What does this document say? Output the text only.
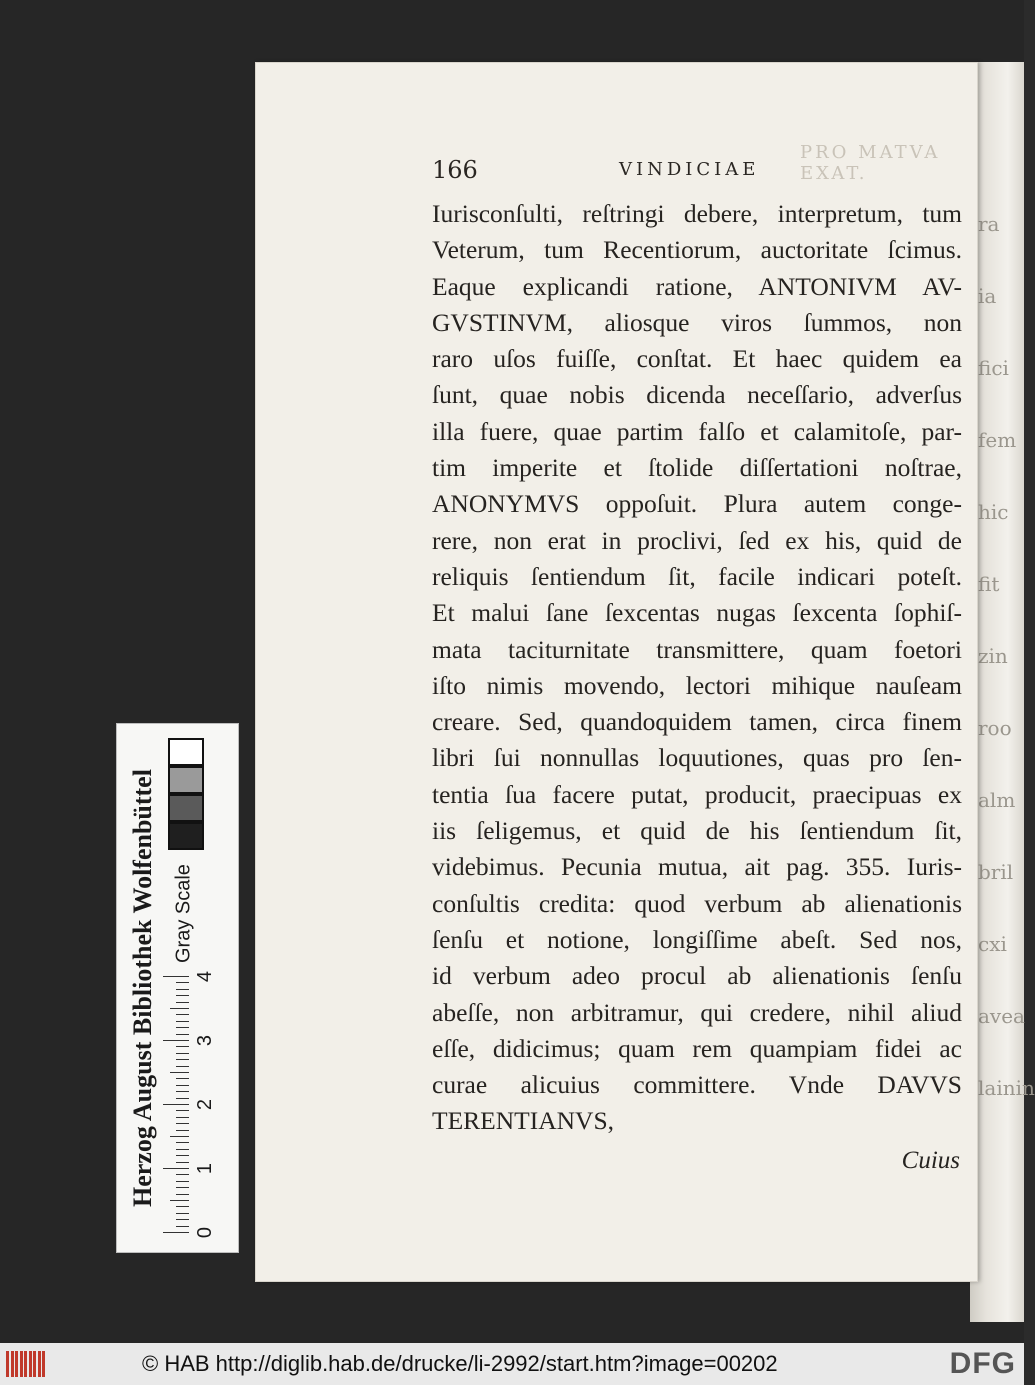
ra
ia
fici
fem
hic
fit
zin
roo
alm
bril
cxi
avea
lainin
PRO MATVA EXAT.
166	VINDICIAE
Iurisconſulti, reſtringi debere, interpretum, tum
Veterum, tum Recentiorum, auctoritate ſcimus.
Eaque explicandi ratione, ANTONIVM AV-
GVSTINVM, aliosque viros ſummos, non
raro uſos fuiſſe, conſtat. Et haec quidem ea
ſunt, quae nobis dicenda neceſſario, adverſus
illa fuere, quae partim falſo et calamitoſe, par-
tim imperite et ſtolide diſſertationi noſtrae,
ANONYMVS oppoſuit. Plura autem conge-
rere, non erat in proclivi, ſed ex his, quid de
reliquis ſentiendum ſit, facile indicari poteſt.
Et malui ſane ſexcentas nugas ſexcenta ſophiſ-
mata taciturnitate transmittere, quam foetori
iſto nimis movendo, lectori mihique nauſeam
creare. Sed, quandoquidem tamen, circa finem
libri ſui nonnullas loquutiones, quas pro ſen-
tentia ſua facere putat, producit, praecipuas ex
iis ſeligemus, et quid de his ſentiendum ſit,
videbimus. Pecunia mutua, ait pag. 355. Iuris-
conſultis credita: quod verbum ab alienationis
ſenſu et notione, longiſſime abeſt. Sed nos,
id verbum adeo procul ab alienationis ſenſu
abeſſe, non arbitramur, qui credere, nihil aliud
eſſe, didicimus; quam rem quampiam fidei ac
curae alicuius committere. Vnde DAVVS
TERENTIANVS,
Cuius
Herzog August Bibliothek Wolfenbüttel Gray Scale
0
1
2
3
4
© HAB http://diglib.hab.de/drucke/li-2992/start.htm?image=00202	DFG
